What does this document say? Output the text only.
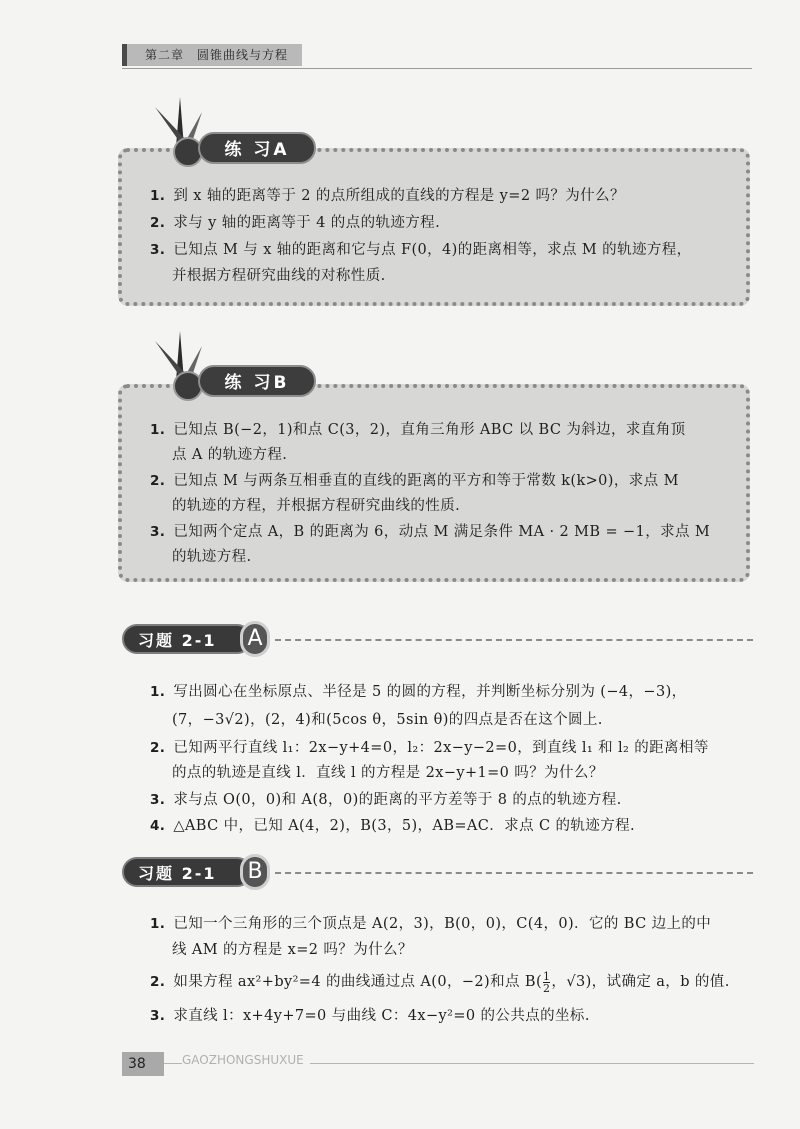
第二章　圆锥曲线与方程
练 习A
1. 到 x 轴的距离等于 2 的点所组成的直线的方程是 y=2 吗？为什么？
2. 求与 y 轴的距离等于 4 的点的轨迹方程.
3. 已知点 M 与 x 轴的距离和它与点 F(0，4)的距离相等，求点 M 的轨迹方程，
并根据方程研究曲线的对称性质.
练 习B
1. 已知点 B(−2，1)和点 C(3，2)，直角三角形 ABC 以 BC 为斜边，求直角顶
点 A 的轨迹方程.
2. 已知点 M 与两条互相垂直的直线的距离的平方和等于常数 k(k>0)，求点 M
的轨迹的方程，并根据方程研究曲线的性质.
3. 已知两个定点 A，B 的距离为 6，动点 M 满足条件 MA · 2 MB = −1，求点 M
的轨迹方程.
习题 2-1	A
1. 写出圆心在坐标原点、半径是 5 的圆的方程，并判断坐标分别为 (−4，−3)，
(7，−3√2)，(2，4)和(5cos θ，5sin θ)的四点是否在这个圆上.
2. 已知两平行直线 l₁：2x−y+4=0，l₂：2x−y−2=0，到直线 l₁ 和 l₂ 的距离相等
的点的轨迹是直线 l．直线 l 的方程是 2x−y+1=0 吗？为什么？
3. 求与点 O(0，0)和 A(8，0)的距离的平方差等于 8 的点的轨迹方程.
4. △ABC 中，已知 A(4，2)，B(3，5)，AB=AC．求点 C 的轨迹方程.
习题 2-1	B
1. 已知一个三角形的三个顶点是 A(2，3)，B(0，0)，C(4，0)．它的 BC 边上的中
线 AM 的方程是 x=2 吗？为什么？
2. 如果方程 ax²+by²=4 的曲线通过点 A(0，−2)和点 $B( \frac{1}{2}$ ，√3)，试确定 a，b 的值.
3. 求直线 l：x+4y+7=0 与曲线 C：4x−y²=0 的公共点的坐标.
38	GAOZHONGSHUXUE
